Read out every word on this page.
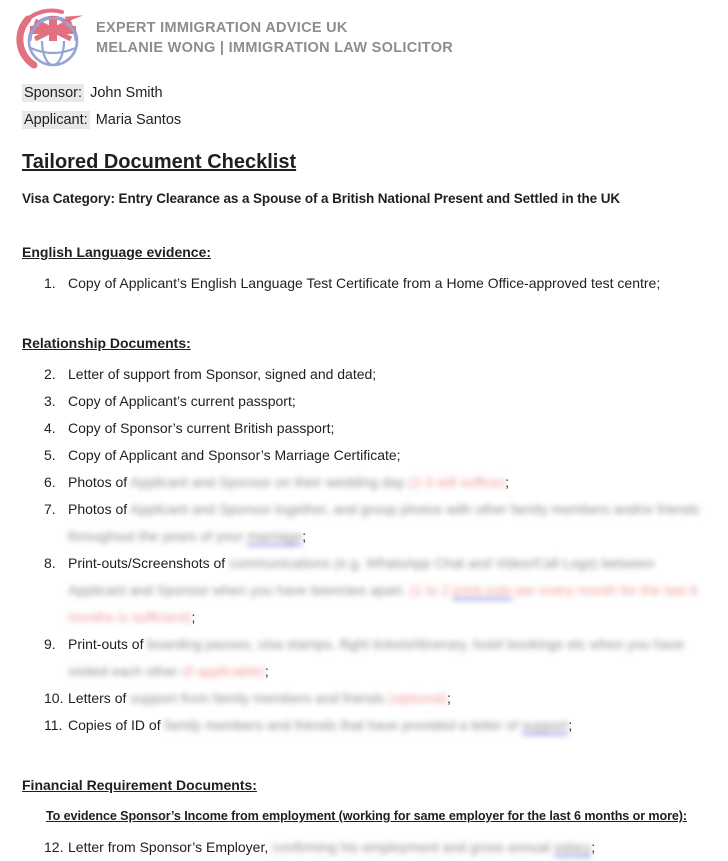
EXPERT IMMIGRATION ADVICE UK
MELANIE WONG | IMMIGRATION LAW SOLICITOR

Sponsor: John Smith

Applicant: Maria Santos

Tailored Document Checklist

Visa Category: Entry Clearance as a Spouse of a British National Present and Settled in the UK

English Language evidence:
1. Copy of Applicant’s English Language Test Certificate from a Home Office-approved test centre;
Relationship Documents:
2. Letter of support from Sponsor, signed and dated;
3. Copy of Applicant’s current passport;
4. Copy of Sponsor’s current British passport;
5. Copy of Applicant and Sponsor’s Marriage Certificate;
6. Photos of Applicant and Sponsor on their wedding day (2-3 will suffice);
7. Photos of Applicant and Sponsor together, and group photos with other family members and/or friends throughout the years of your marriage;
8. Print-outs/Screenshots of communications (e.g. WhatsApp Chat and Video/Call Logs) between Applicant and Sponsor when you have been/are apart. (1 to 2 print-outs per every month for the last 6 months is sufficient);
9. Print-outs of boarding passes, visa stamps, flight tickets/itinerary, hotel bookings etc when you have visited each other (if applicable);
10. Letters of support from family members and friends (optional);
11. Copies of ID of family members and friends that have provided a letter of support;
Financial Requirement Documents:
To evidence Sponsor’s Income from employment (working for same employer for the last 6 months or more):
12. Letter from Sponsor’s Employer, confirming his employment and gross annual salary;
